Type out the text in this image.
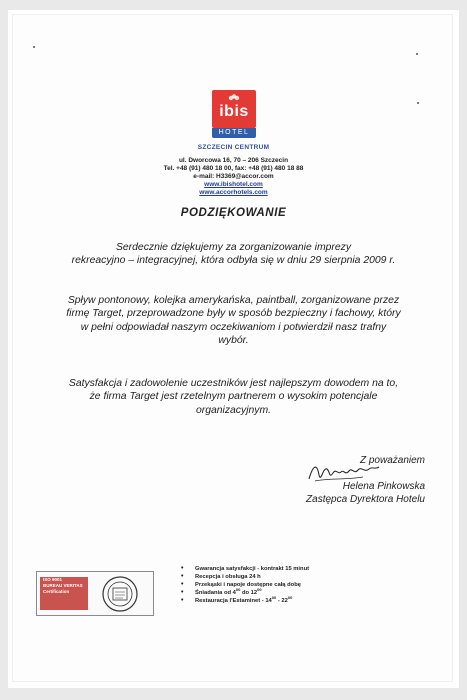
ibis
HOTEL
SZCZECIN CENTRUM
ul. Dworcowa 16, 70 – 206 Szczecin
Tel. +48 (91) 480 18 00, fax: +48 (91) 480 18 88
e-mail: H3369@accor.com
www.ibishotel.com
www.accorhotels.com
PODZIĘKOWANIE
Serdecznie dziękujemy za zorganizowanie imprezy
rekreacyjno – integracyjnej, która odbyła się w dniu 29 sierpnia 2009 r.
Spływ pontonowy, kolejka amerykańska, paintball, zorganizowane przez
firmę Target, przeprowadzone były w sposób bezpieczny i fachowy, który
w pełni odpowiadał naszym oczekiwaniom i potwierdził nasz trafny
wybór.
Satysfakcja i zadowolenie uczestników jest najlepszym dowodem na to,
że firma Target jest rzetelnym partnerem o wysokim potencjale
organizacyjnym.
Z poważaniem
Helena Pinkowska
Zastępca Dyrektora Hotelu
ISO 9001
BUREAU VERITAS
Certification
• Gwarancja satysfakcji - kontrakt 15 minut
• Recepcja i obsługa 24 h
• Przekąski i napoje dostępne całą dobę
• Śniadania od $4^{00}$ do $12^{00}$
• Restauracja l'Estaminet - $14^{00} - 22^{00}$
